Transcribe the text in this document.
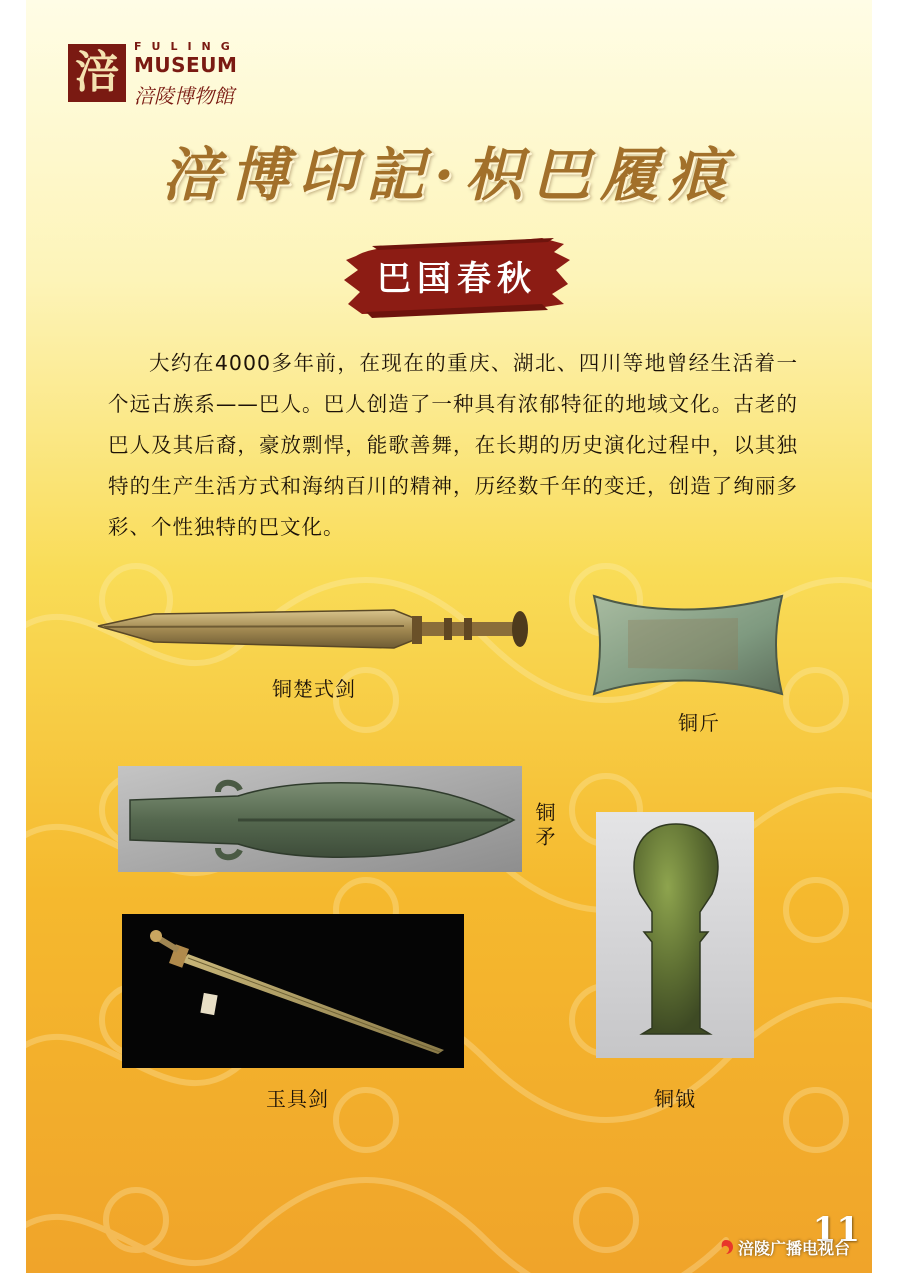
涪
FULING
MUSEUM
涪陵博物館
涪博印記·枳巴履痕
巴国春秋
大约在4000多年前，在现在的重庆、湖北、四川等地曾经生活着一个远古族系——巴人。巴人创造了一种具有浓郁特征的地域文化。古老的巴人及其后裔，豪放剽悍，能歌善舞，在长期的历史演化过程中，以其独特的生产生活方式和海纳百川的精神，历经数千年的变迁，创造了绚丽多彩、个性独特的巴文化。
铜楚式剑
铜斤
铜矛
玉具剑	铜钺
11
涪陵广播电视台
